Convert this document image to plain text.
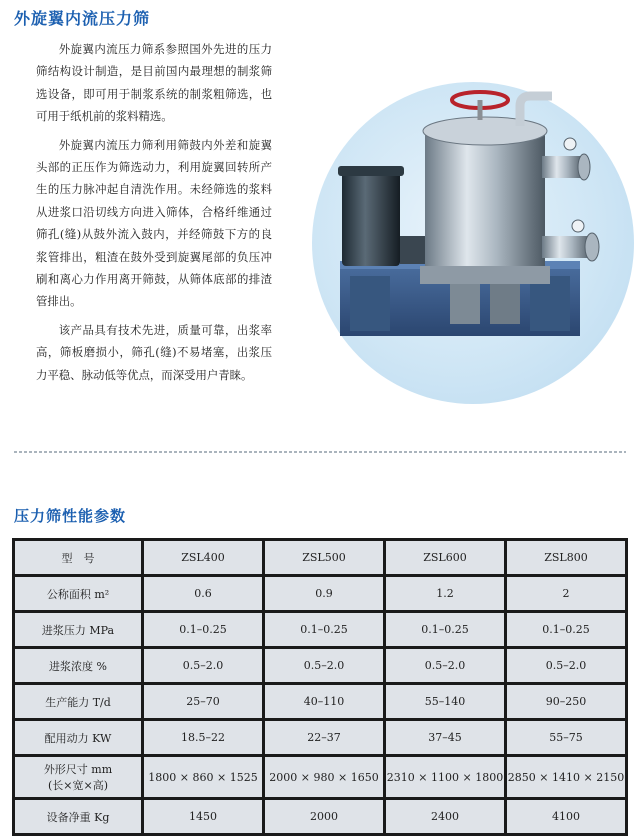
外旋翼内流压力筛

外旋翼内流压力筛系参照国外先进的压力筛结构设计制造，是目前国内最理想的制浆筛选设备，即可用于制浆系统的制浆粗筛选，也可用于纸机前的浆料精选。

外旋翼内流压力筛利用筛鼓内外差和旋翼头部的正压作为筛选动力，利用旋翼回转所产生的压力脉冲起自清洗作用。未经筛选的浆料从进浆口沿切线方向进入筛体，合格纤维通过筛孔(缝)从鼓外流入鼓内，并经筛鼓下方的良浆管排出，粗渣在鼓外受到旋翼尾部的负压冲刷和离心力作用离开筛鼓，从筛体底部的排渣管排出。

该产品具有技术先进，质量可靠，出浆率高，筛板磨损小，筛孔(缝)不易堵塞，出浆压力平稳、脉动低等优点，而深受用户青睐。

压力筛性能参数
型　号	ZSL400	ZSL500	ZSL600	ZSL800
公称面积 m²	0.6	0.9	1.2	2
进浆压力 MPa	0.1–0.25	0.1–0.25	0.1–0.25	0.1–0.25
进浆浓度 %	0.5–2.0	0.5–2.0	0.5–2.0	0.5–2.0
生产能力 T/d	25–70	40–110	55–140	90–250
配用动力 KW	18.5–22	22–37	37–45	55–75

外形尺寸 mm
(长×宽×高)	1800 × 860 × 1525	2000 × 980 × 1650	2310 × 1100 × 1800	2850 × 1410 × 2150
设备净重 Kg	1450	2000	2400	4100
